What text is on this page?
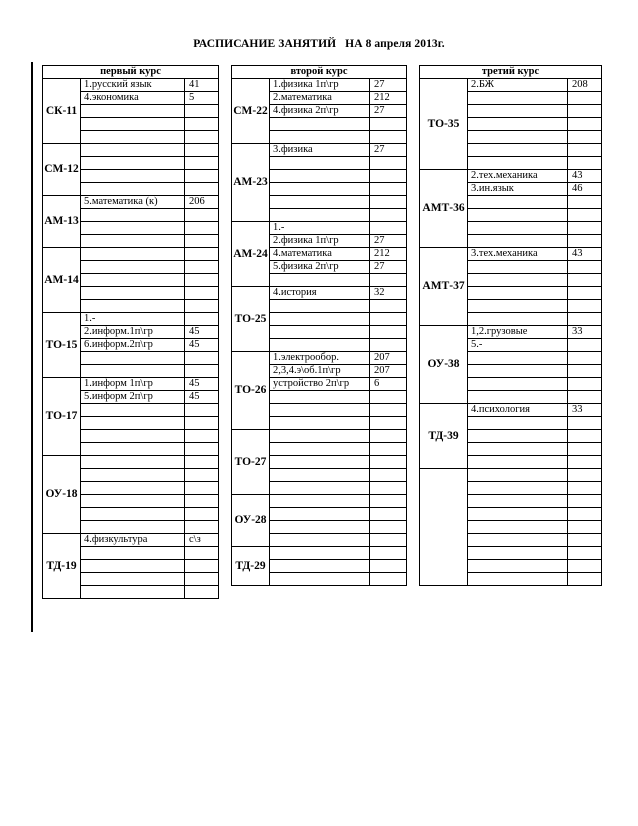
РАСПИСАНИЕ ЗАНЯТИЙ НА 8 апреля 2013г.
первый курс		
СК-11	1.русский язык	41
	4.экономика	5

СМ-12		

АМ-13	5.математика (к)	206

АМ-14		

ТО-15	1.-	
	2.информ.1п\гр	45
	6.информ.2п\гр	45

ТО-17	1.информ 1п\гр	45
	5.информ 2п\гр	45

ОУ-18		

ТД-19	4.физкультура	с\з

второй курс		
СМ-22	1.физика 1п\гр	27
	2.математика	212
	4.физика 2п\гр	27

АМ-23	3.физика	27

АМ-24	1.-	
	2.физика 1п\гр	27
	4.математика	212
	5.физика 2п\гр	27

ТО-25	4.история	32

ТО-26	1.электрообор.	207
	2,3,4.э\об.1п\гр	207
	устройство 2п\гр	6

ТО-27		

ОУ-28		

ТД-29		

третий курс		
ТО-35	2.БЖ	208

АМТ-36	2.тех.механика	43
	3.ин.язык	46

АМТ-37	3.тех.механика	43

ОУ-38	1,2.грузовые	33
	5.-	

ТД-39	4.психология	33
